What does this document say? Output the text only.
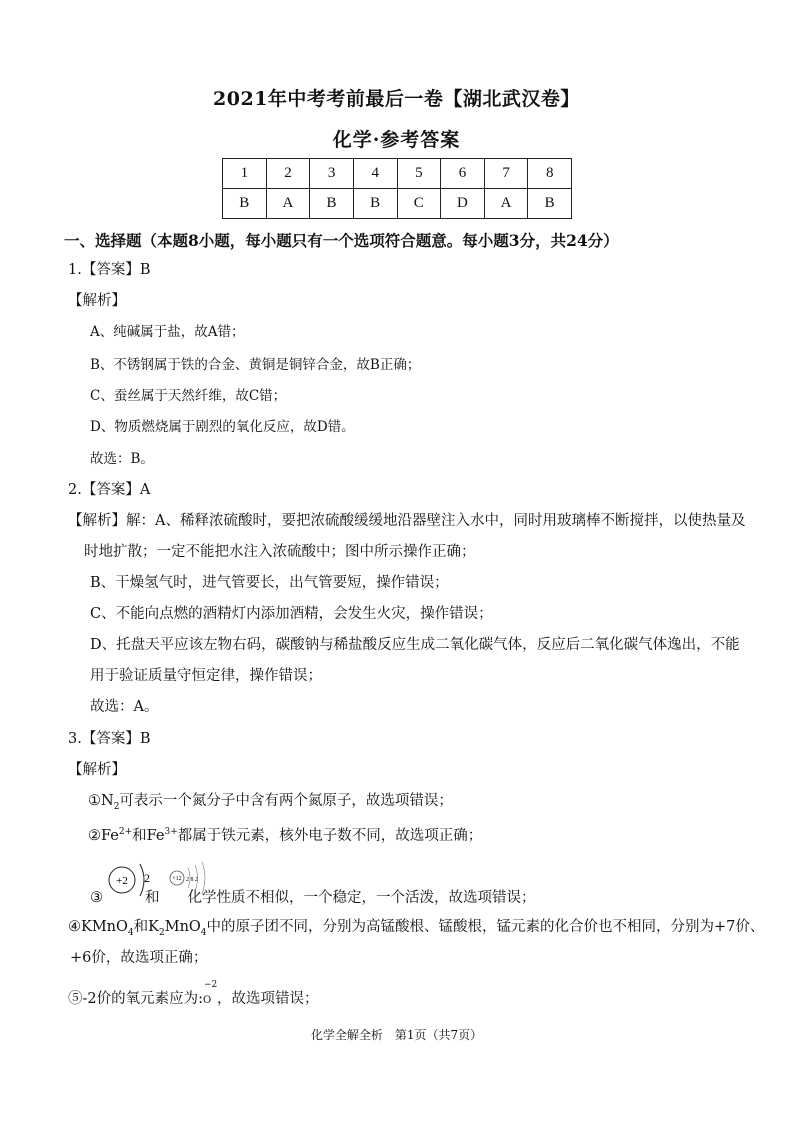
2021年中考考前最后一卷【湖北武汉卷】
化学·参考答案
1	2	3	4	5	6	7	8
B	A	B	B	C	D	A	B
一、选择题（本题8小题，每小题只有一个选项符合题意。每小题3分，共24分）
1.【答案】B
【解析】
A、纯碱属于盐，故A错；
B、不锈钢属于铁的合金、黄铜是铜锌合金，故B正确；
C、蚕丝属于天然纤维，故C错；
D、物质燃烧属于剧烈的氧化反应，故D错。
故选：B。
2.【答案】A
【解析】解：A、稀释浓硫酸时，要把浓硫酸缓缓地沿器壁注入水中，同时用玻璃棒不断搅拌，以使热量及
时地扩散；一定不能把水注入浓硫酸中；图中所示操作正确；
B、干燥氢气时，进气管要长，出气管要短，操作错误；
C、不能向点燃的酒精灯内添加酒精，会发生火灾，操作错误；
D、托盘天平应该左物右码，碳酸钠与稀盐酸反应生成二氧化碳气体，反应后二氧化碳气体逸出，不能
用于验证质量守恒定律，操作错误；
故选：A。
3.【答案】B
【解析】
$①N_2$可表示一个氮分子中含有两个氮原子，故选项错误；
$②Fe^{2+}$和$Fe^{3+}$都属于铁元素，核外电子数不同，故选项正确；
+2 2	+12 2 8 2
③	和 化学性质不相似，一个稳定，一个活泼，故选项错误；
④KMnO$_4$和$K_2MnO_4$中的原子团不同，分别为高锰酸根、锰酸根，锰元素的化合价也不相同，分别为+7价、
+6价，故选项正确；
⑤-2价的氧元素应为:
−2
O ，故选项错误；
化学全解全析　第1页（共7页）
